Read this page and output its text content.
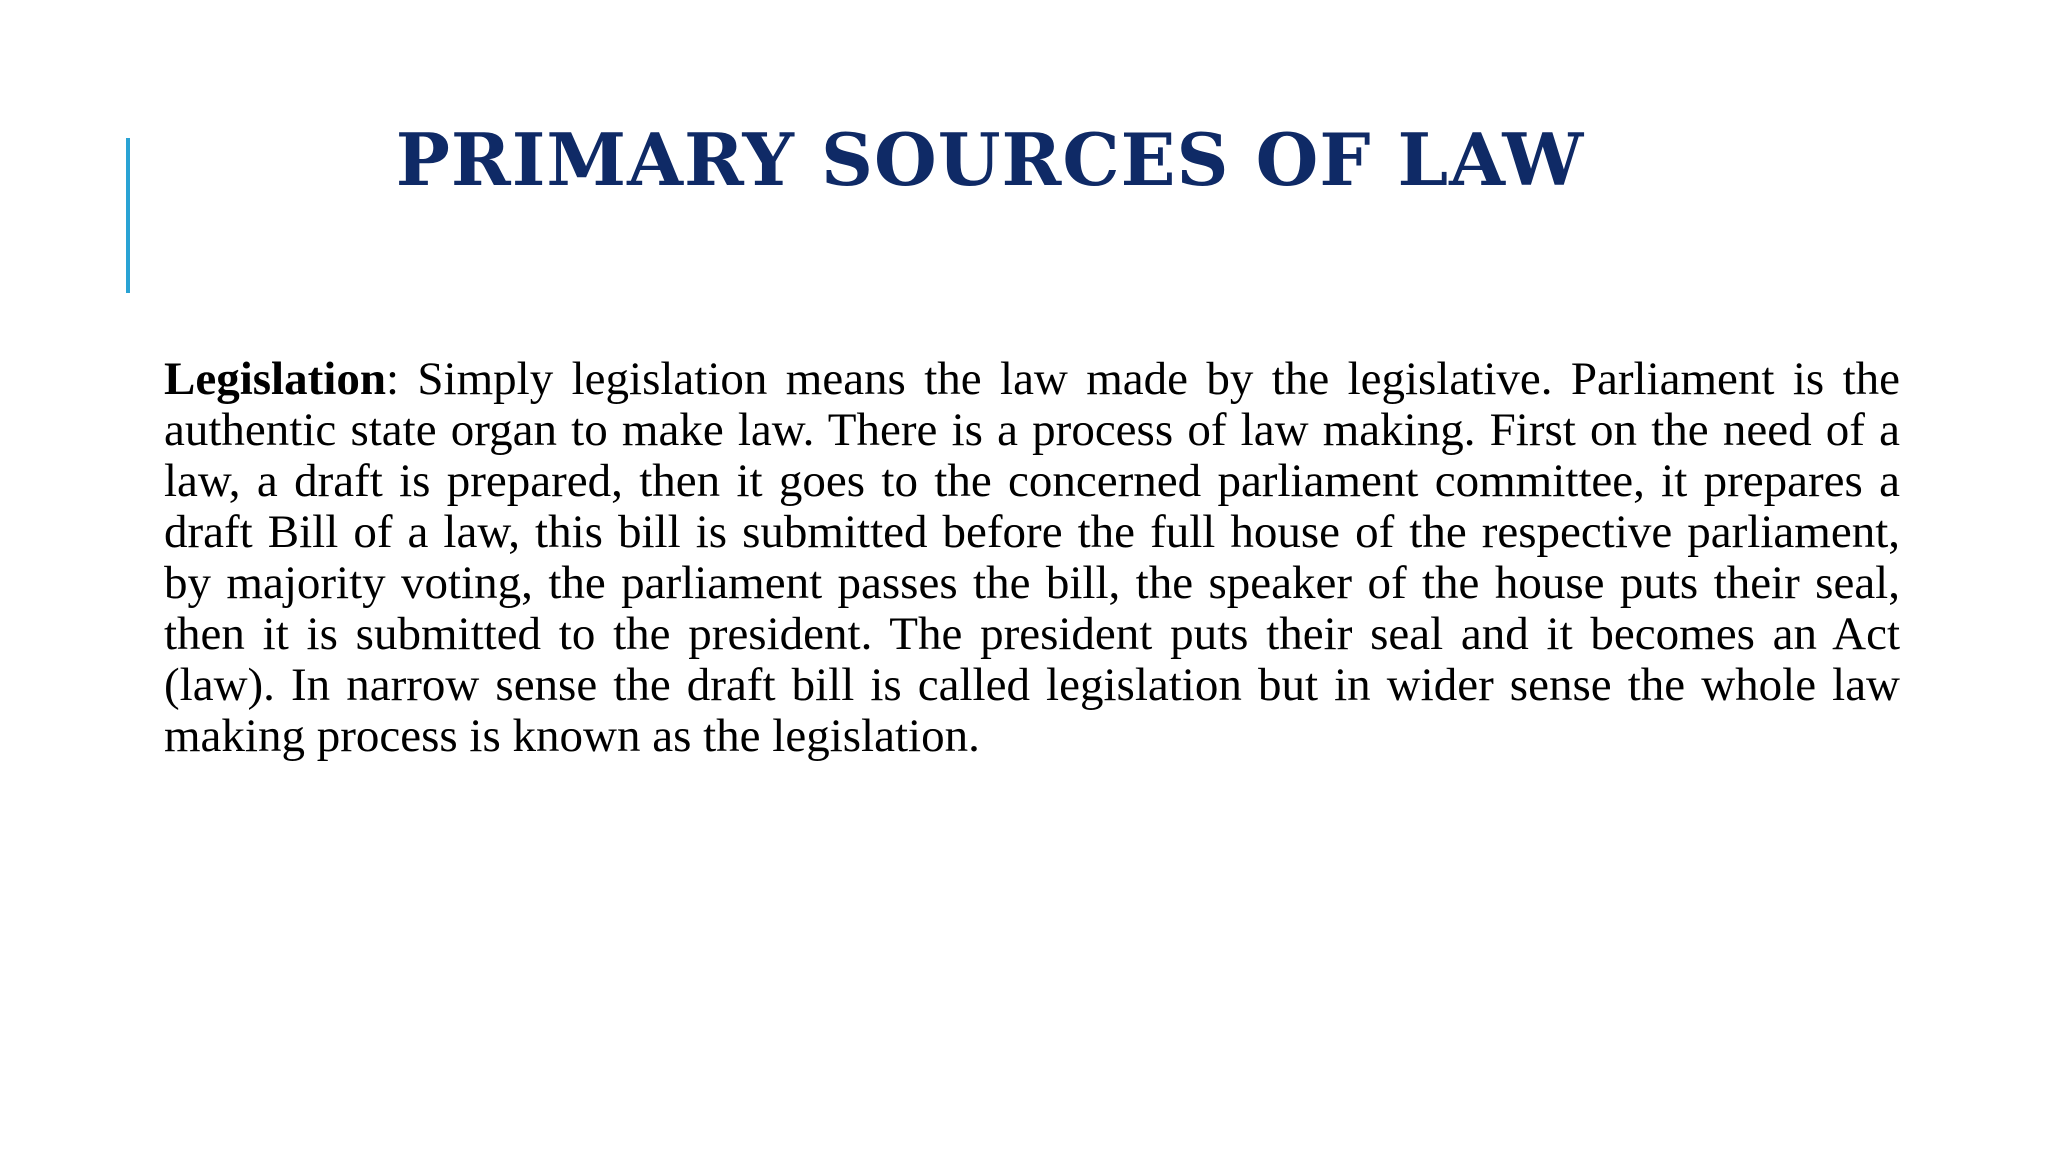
PRIMARY SOURCES OF LAW

Legislation: Simply legislation means the law made by the legislative. Parliament is the authentic state organ to make law. There is a process of law making. First on the need of a law, a draft is prepared, then it goes to the concerned parliament committee, it prepares a draft Bill of a law, this bill is submitted before the full house of the respective parliament, by majority voting, the parliament passes the bill, the speaker of the house puts their seal, then it is submitted to the president. The president puts their seal and it becomes an Act (law). In narrow sense the draft bill is called legislation but in wider sense the whole law making process is known as the legislation.
